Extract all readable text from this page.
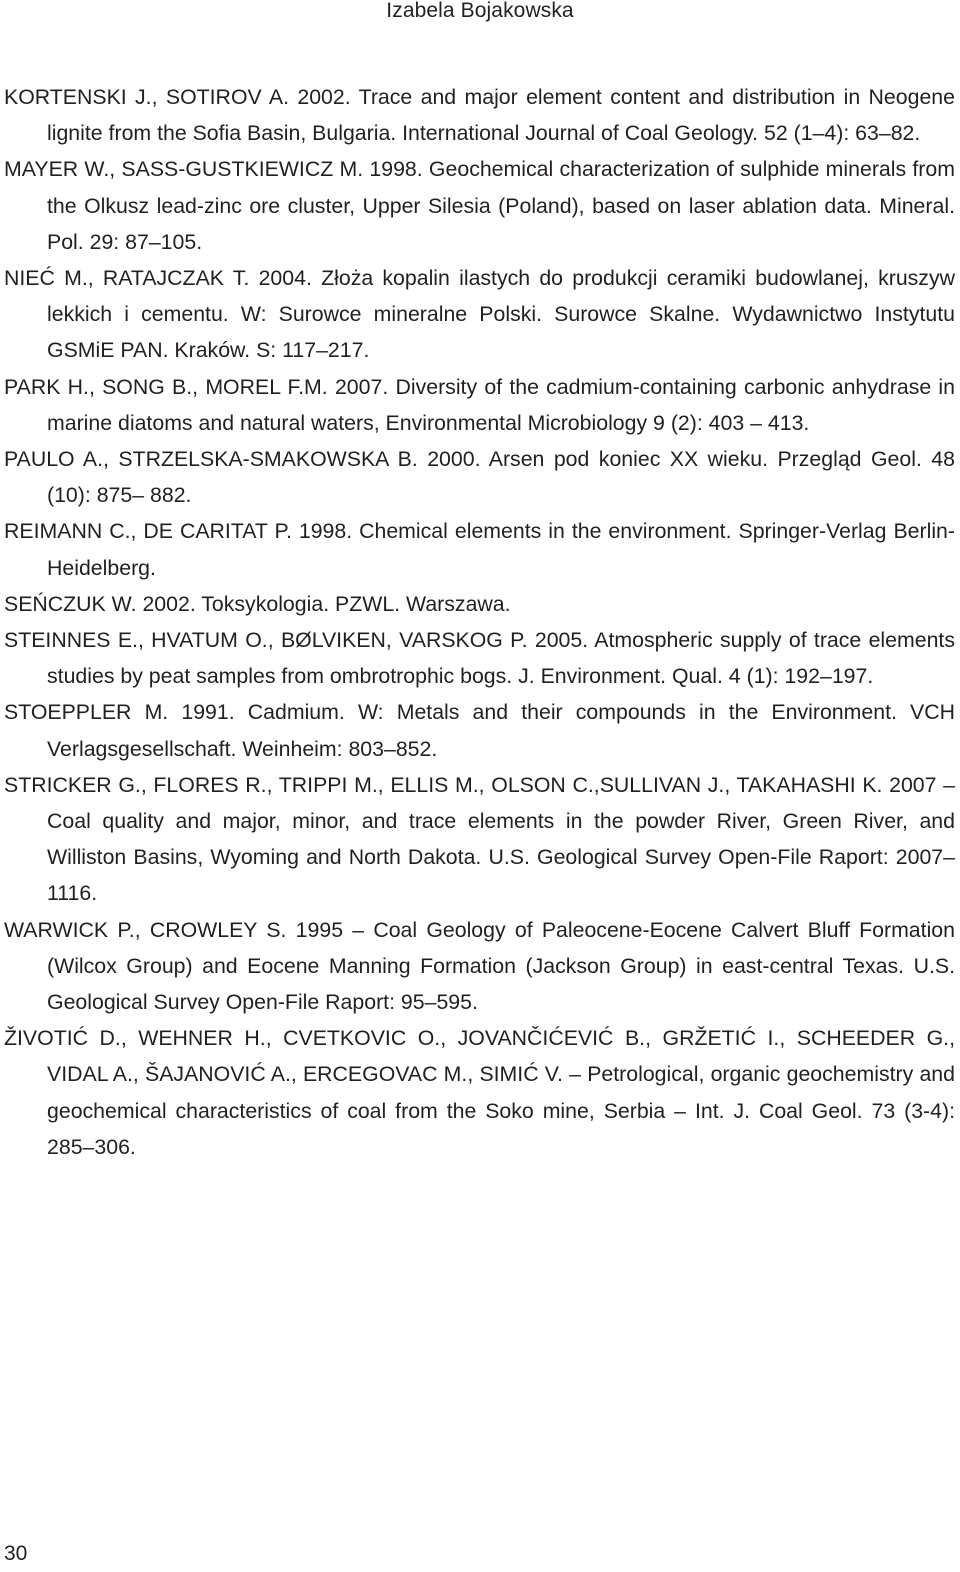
Izabela Bojakowska
KORTENSKI J., SOTIROV A. 2002. Trace and major element content and distribution in Neogene lignite from the Sofia Basin, Bulgaria. International Journal of Coal Geology. 52 (1–4): 63–82.
MAYER W., SASS-GUSTKIEWICZ M. 1998. Geochemical characterization of sulphide minerals from the Olkusz lead-zinc ore cluster, Upper Silesia (Poland), based on laser ablation data. Mineral. Pol. 29: 87–105.
NIEĆ M., RATAJCZAK T. 2004. Złoża kopalin ilastych do produkcji ceramiki budowlanej, kruszyw lekkich i cementu. W: Surowce mineralne Polski. Surowce Skalne. Wydawnictwo Instytutu GSMiE PAN. Kraków. S: 117–217.
PARK H., SONG B., MOREL F.M. 2007. Diversity of the cadmium-containing carbonic anhydrase in marine diatoms and natural waters, Environmental Microbiology 9 (2): 403 – 413.
PAULO A., STRZELSKA-SMAKOWSKA B. 2000. Arsen pod koniec XX wieku. Przegląd Geol. 48 (10): 875– 882.
REIMANN C., DE CARITAT P. 1998. Chemical elements in the environment. Springer-Verlag Berlin-Heidelberg.
SEŃCZUK W. 2002. Toksykologia. PZWL. Warszawa.
STEINNES E., HVATUM O., BØLVIKEN, VARSKOG P. 2005. Atmospheric supply of trace elements studies by peat samples from ombrotrophic bogs. J. Environment. Qual. 4 (1): 192–197.
STOEPPLER M. 1991. Cadmium. W: Metals and their compounds in the Environment. VCH Verlagsgesellschaft. Weinheim: 803–852.
STRICKER G., FLORES R., TRIPPI M., ELLIS M., OLSON C.,SULLIVAN J., TAKAHASHI K. 2007 – Coal quality and major, minor, and trace elements in the powder River, Green River, and Williston Basins, Wyoming and North Dakota. U.S. Geological Survey Open-File Raport: 2007–1116.
WARWICK P., CROWLEY S. 1995 – Coal Geology of Paleocene-Eocene Calvert Bluff Formation (Wilcox Group) and Eocene Manning Formation (Jackson Group) in east-central Texas. U.S. Geological Survey Open-File Raport: 95–595.
ŽIVOTIĆ D., WEHNER H., CVETKOVIC O., JOVANČIĆEVIĆ B., GRŽETIĆ I., SCHEEDER G., VIDAL A., ŠAJANOVIĆ A., ERCEGOVAC M., SIMIĆ V. – Petrological, organic geochemistry and geochemical characteristics of coal from the Soko mine, Serbia – Int. J. Coal Geol. 73 (3-4): 285–306.
30
